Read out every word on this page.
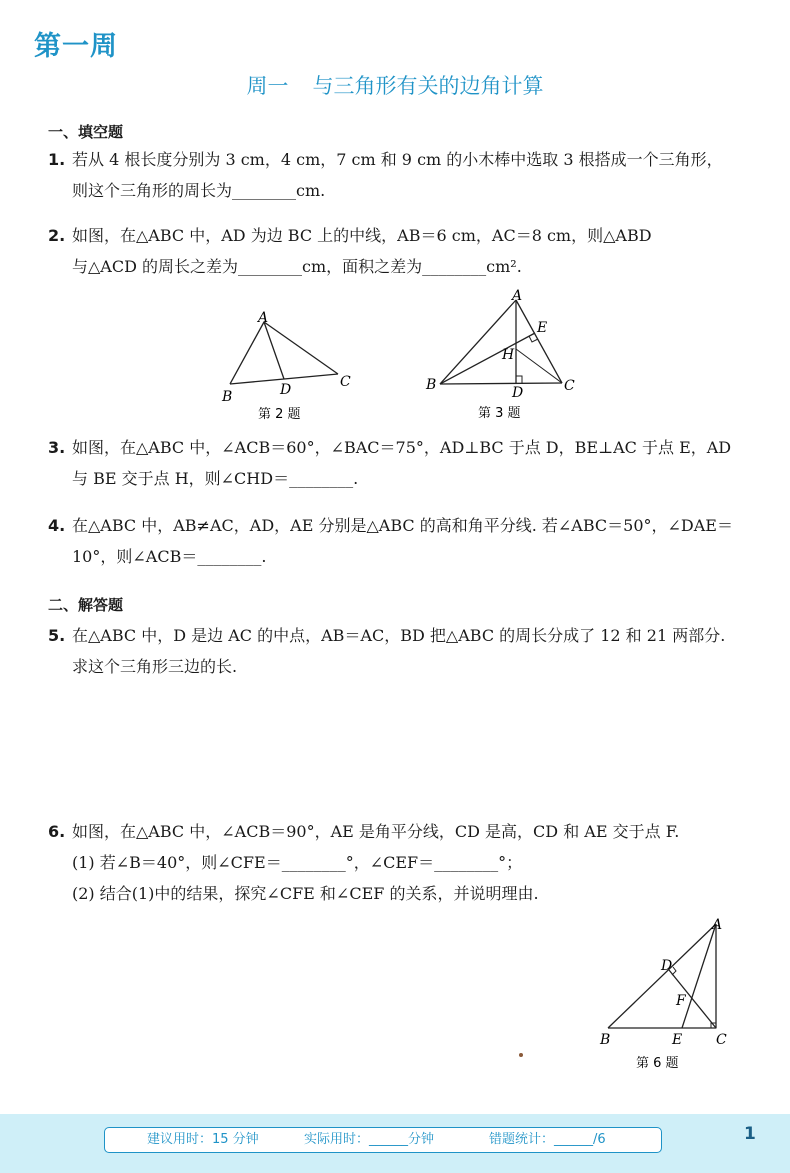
第一周
周一 与三角形有关的边角计算
一、填空题
1. 若从 4 根长度分别为 3 cm，4 cm，7 cm 和 9 cm 的小木棒中选取 3 根搭成一个三角形，则这个三角形的周长为________cm.
2. 如图，在△ABC 中，AD 为边 BC 上的中线，AB＝6 cm，AC＝8 cm，则△ABD
与△ACD 的周长之差为________cm，面积之差为________cm².
A
B
C
D
第 2 题
A
B	C
D
E
H
第 3 题
3. 如图，在△ABC 中，∠ACB＝60°，∠BAC＝75°，AD⊥BC 于点 D，BE⊥AC 于点 E，AD 与 BE 交于点 H，则∠CHD＝________.
4. 在△ABC 中，AB≠AC，AD，AE 分别是△ABC 的高和角平分线. 若∠ABC＝50°，∠DAE＝10°，则∠ACB＝________.
二、解答题
5. 在△ABC 中，D 是边 AC 的中点，AB＝AC，BD 把△ABC 的周长分成了 12 和 21 两部分. 求这个三角形三边的长.
6. 如图，在△ABC 中，∠ACB＝90°，AE 是角平分线，CD 是高，CD 和 AE 交于点 F.
(1) 若∠B＝40°，则∠CFE＝________°，∠CEF＝________°；
(2) 结合(1)中的结果，探究∠CFE 和∠CEF 的关系，并说明理由.
A
B	C
D
E
F
第 6 题
建议用时：15 分钟	实际用时：______分钟	错题统计：______/6	1
